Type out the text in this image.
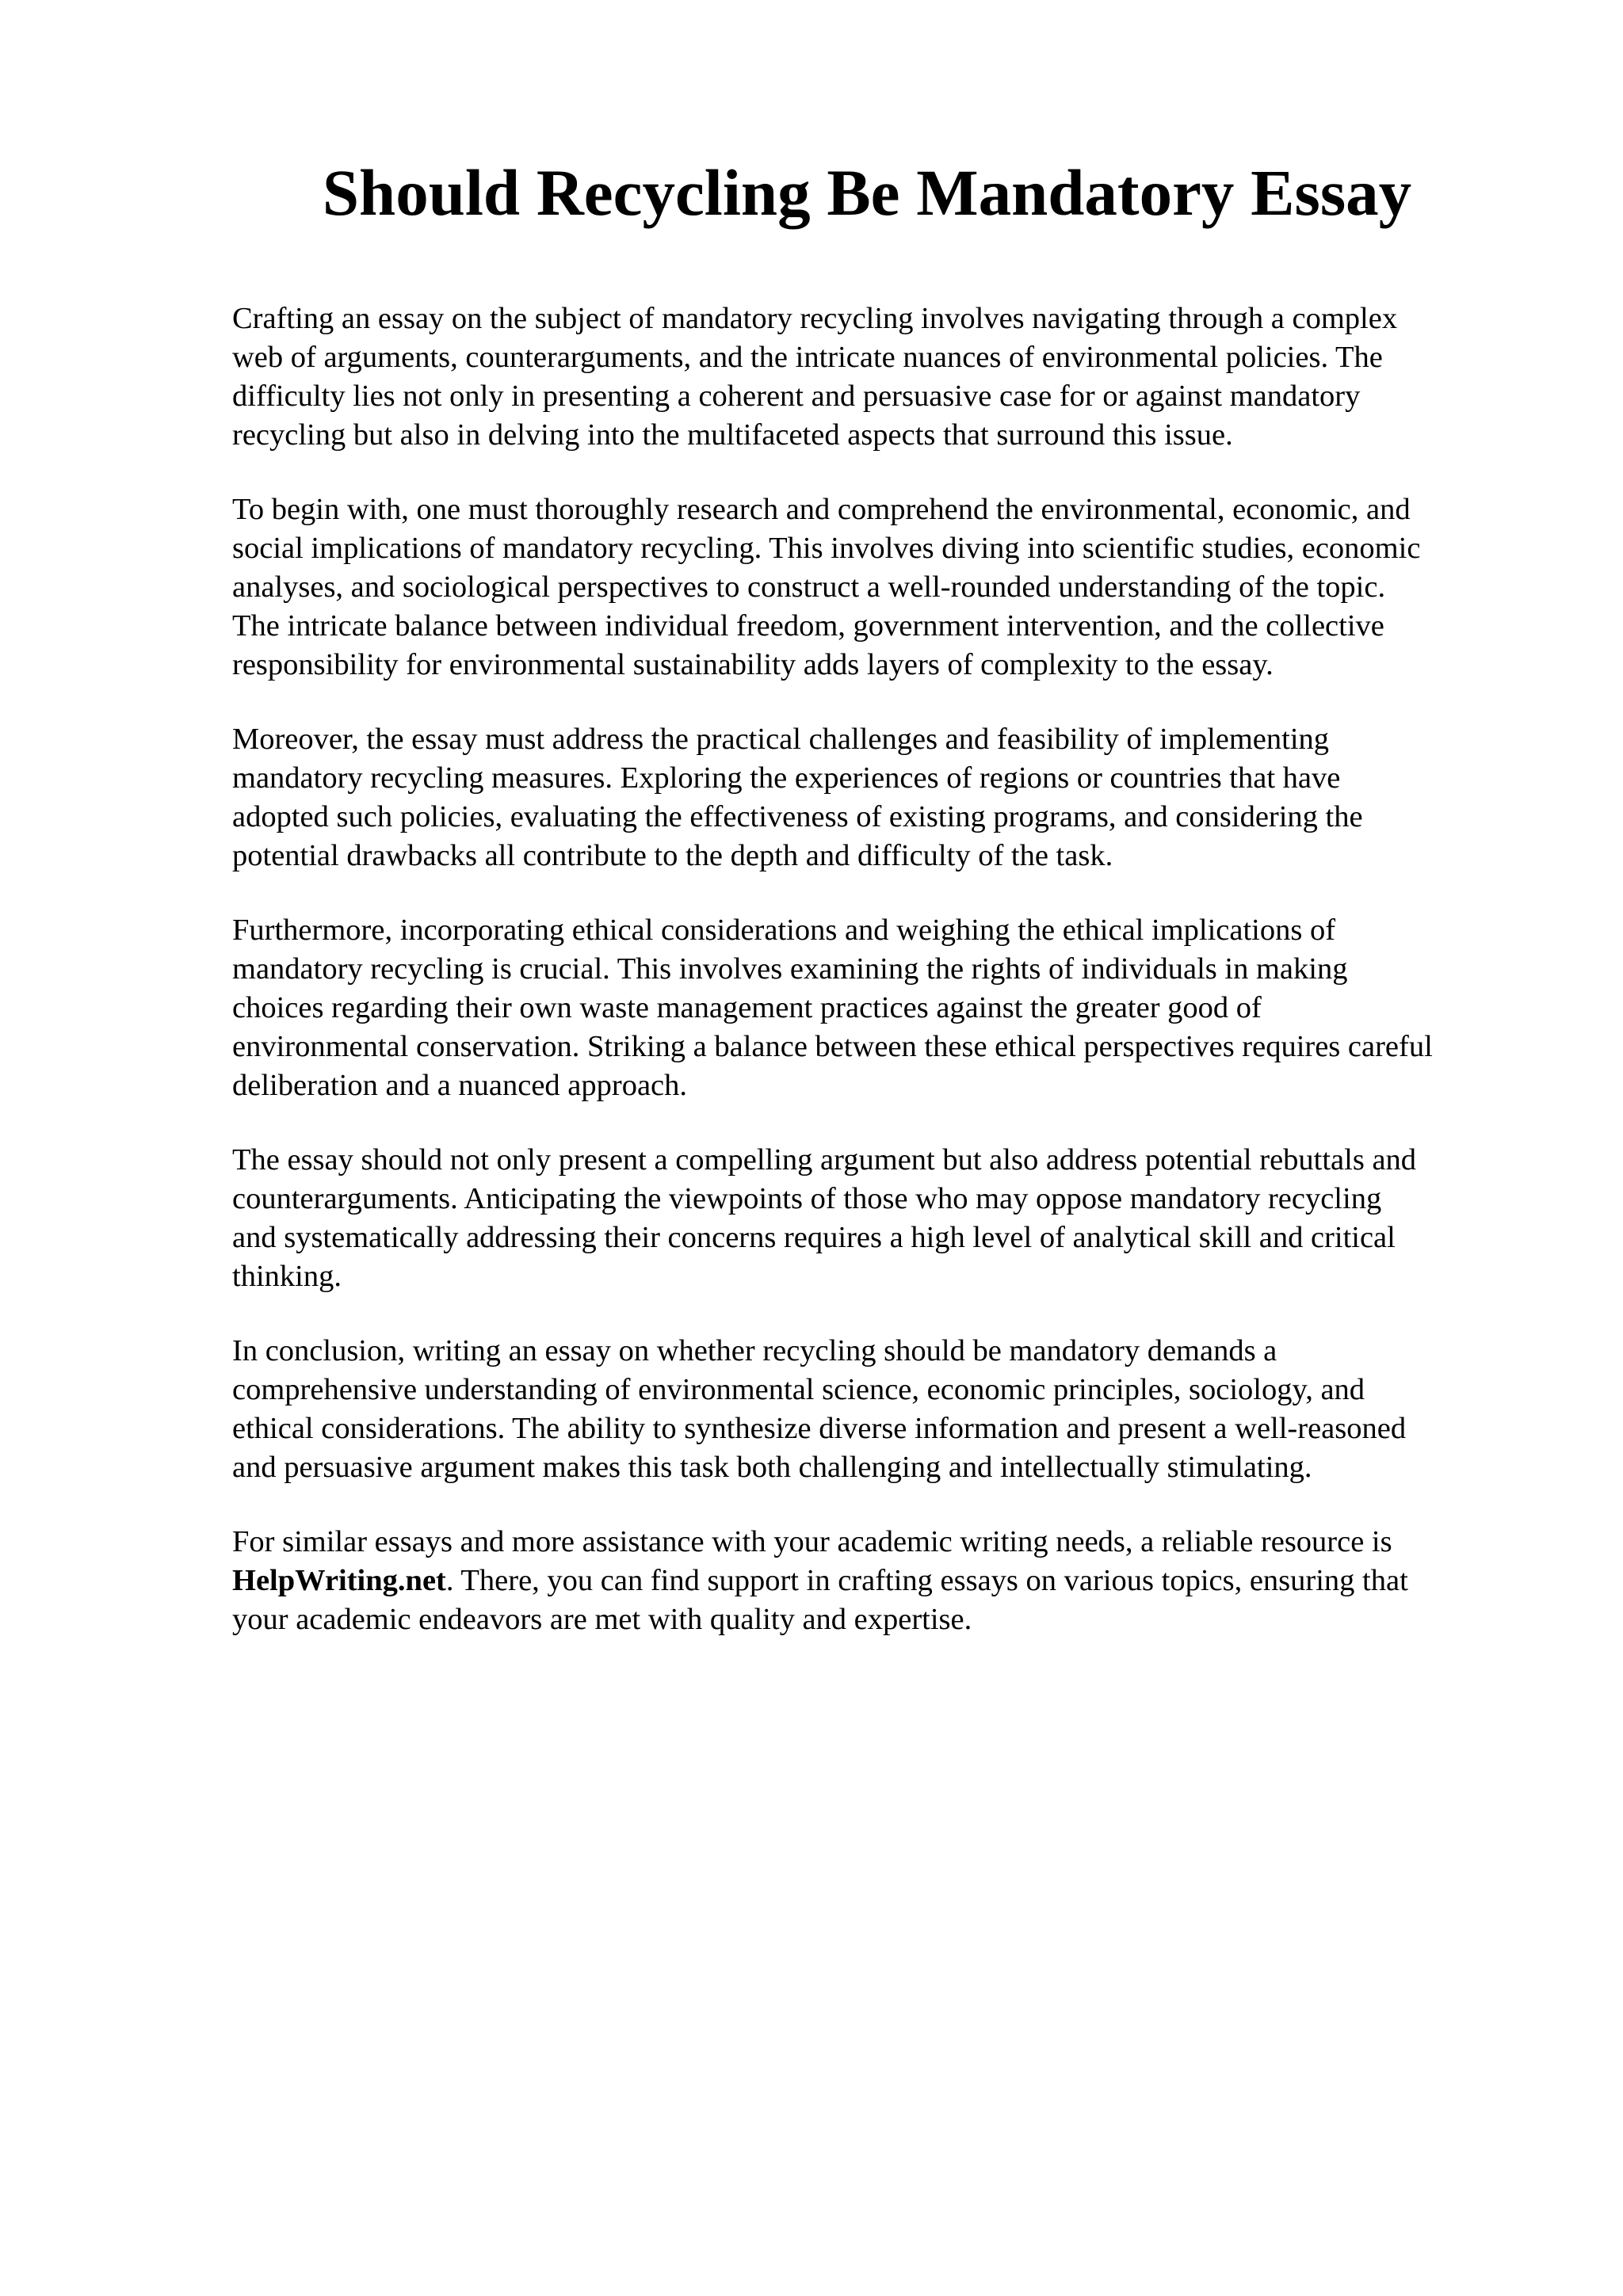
Should Recycling Be Mandatory Essay
Crafting an essay on the subject of mandatory recycling involves navigating through a complex
web of arguments, counterarguments, and the intricate nuances of environmental policies. The
difficulty lies not only in presenting a coherent and persuasive case for or against mandatory
recycling but also in delving into the multifaceted aspects that surround this issue.
To begin with, one must thoroughly research and comprehend the environmental, economic, and
social implications of mandatory recycling. This involves diving into scientific studies, economic
analyses, and sociological perspectives to construct a well-rounded understanding of the topic.
The intricate balance between individual freedom, government intervention, and the collective
responsibility for environmental sustainability adds layers of complexity to the essay.
Moreover, the essay must address the practical challenges and feasibility of implementing
mandatory recycling measures. Exploring the experiences of regions or countries that have
adopted such policies, evaluating the effectiveness of existing programs, and considering the
potential drawbacks all contribute to the depth and difficulty of the task.
Furthermore, incorporating ethical considerations and weighing the ethical implications of
mandatory recycling is crucial. This involves examining the rights of individuals in making
choices regarding their own waste management practices against the greater good of
environmental conservation. Striking a balance between these ethical perspectives requires careful
deliberation and a nuanced approach.
The essay should not only present a compelling argument but also address potential rebuttals and
counterarguments. Anticipating the viewpoints of those who may oppose mandatory recycling
and systematically addressing their concerns requires a high level of analytical skill and critical
thinking.
In conclusion, writing an essay on whether recycling should be mandatory demands a
comprehensive understanding of environmental science, economic principles, sociology, and
ethical considerations. The ability to synthesize diverse information and present a well-reasoned
and persuasive argument makes this task both challenging and intellectually stimulating.
For similar essays and more assistance with your academic writing needs, a reliable resource is
HelpWriting.net. There, you can find support in crafting essays on various topics, ensuring that
your academic endeavors are met with quality and expertise.
